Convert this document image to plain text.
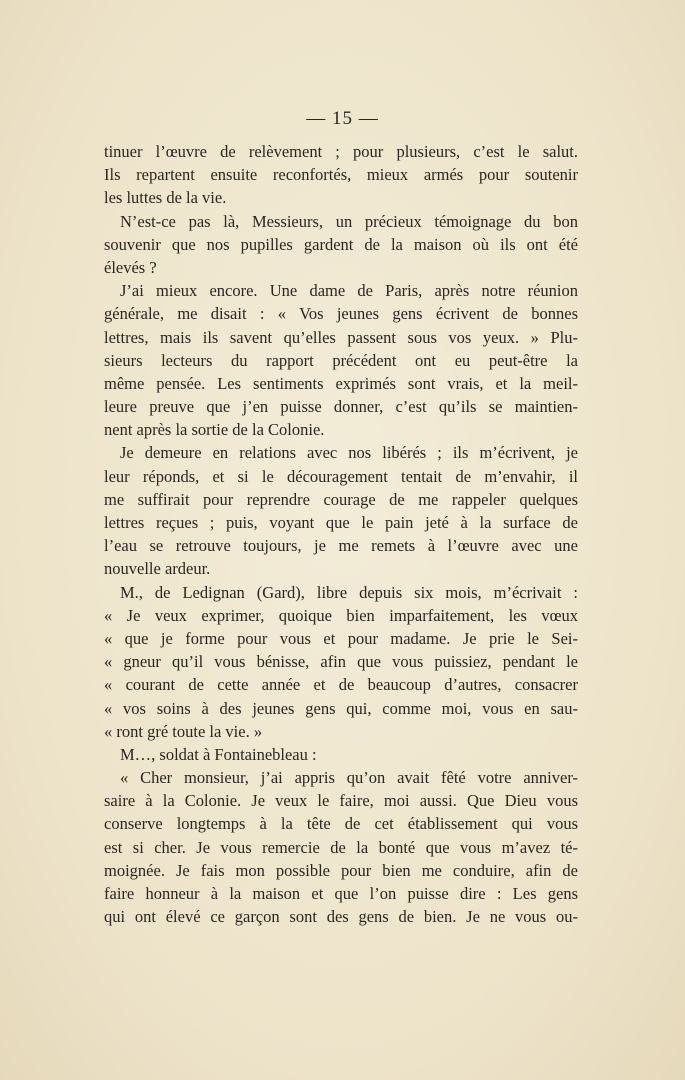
— 15 —
tinuer l’œuvre de relèvement ; pour plusieurs, c’est le salut.
Ils repartent ensuite reconfortés, mieux armés pour soutenir
les luttes de la vie.
N’est-ce pas là, Messieurs, un précieux témoignage du bon
souvenir que nos pupilles gardent de la maison où ils ont été
élevés ?
J’ai mieux encore. Une dame de Paris, après notre réunion
générale, me disait : « Vos jeunes gens écrivent de bonnes
lettres, mais ils savent qu’elles passent sous vos yeux. » Plu-
sieurs lecteurs du rapport précédent ont eu peut-être la
même pensée. Les sentiments exprimés sont vrais, et la meil-
leure preuve que j’en puisse donner, c’est qu’ils se maintien-
nent après la sortie de la Colonie.
Je demeure en relations avec nos libérés ; ils m’écrivent, je
leur réponds, et si le découragement tentait de m’envahir, il
me suffirait pour reprendre courage de me rappeler quelques
lettres reçues ; puis, voyant que le pain jeté à la surface de
l’eau se retrouve toujours, je me remets à l’œuvre avec une
nouvelle ardeur.
M., de Ledignan (Gard), libre depuis six mois, m’écrivait :
« Je veux exprimer, quoique bien imparfaitement, les vœux
« que je forme pour vous et pour madame. Je prie le Sei-
« gneur qu’il vous bénisse, afin que vous puissiez, pendant le
« courant de cette année et de beaucoup d’autres, consacrer
« vos soins à des jeunes gens qui, comme moi, vous en sau-
« ront gré toute la vie. »
M…, soldat à Fontainebleau :
« Cher monsieur, j’ai appris qu’on avait fêté votre anniver-
saire à la Colonie. Je veux le faire, moi aussi. Que Dieu vous
conserve longtemps à la tête de cet établissement qui vous
est si cher. Je vous remercie de la bonté que vous m’avez té-
moignée. Je fais mon possible pour bien me conduire, afin de
faire honneur à la maison et que l’on puisse dire : Les gens
qui ont élevé ce garçon sont des gens de bien. Je ne vous ou-
